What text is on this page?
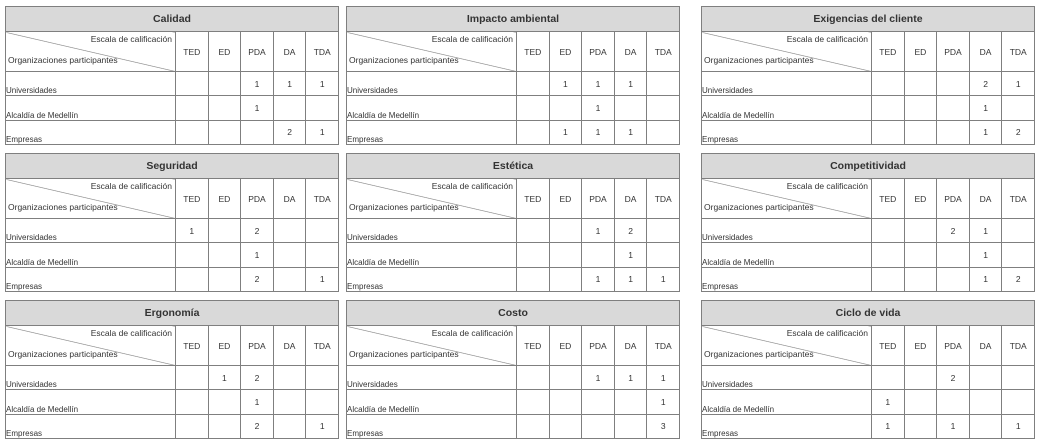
Calidad					

Escala de calificación
Organizaciones participantes	TED	ED	PDA	DA	TDA
Universidades			1	1	1
Alcaldía de Medellín			1		
Empresas				2	1
Impacto ambiental					

Escala de calificación
Organizaciones participantes	TED	ED	PDA	DA	TDA
Universidades		1	1	1	
Alcaldía de Medellín			1		
Empresas		1	1	1	
Exigencias del cliente					

Escala de calificación
Organizaciones participantes	TED	ED	PDA	DA	TDA
Universidades				2	1
Alcaldía de Medellín				1	
Empresas				1	2
Seguridad					

Escala de calificación
Organizaciones participantes	TED	ED	PDA	DA	TDA
Universidades	1		2		
Alcaldía de Medellín			1		
Empresas			2		1
Estética					

Escala de calificación
Organizaciones participantes	TED	ED	PDA	DA	TDA
Universidades			1	2	
Alcaldía de Medellín				1	
Empresas			1	1	1
Competitividad					

Escala de calificación
Organizaciones participantes	TED	ED	PDA	DA	TDA
Universidades			2	1	
Alcaldía de Medellín				1	
Empresas				1	2
Ergonomía					

Escala de calificación
Organizaciones participantes	TED	ED	PDA	DA	TDA
Universidades		1	2		
Alcaldía de Medellín			1		
Empresas			2		1
Costo					

Escala de calificación
Organizaciones participantes	TED	ED	PDA	DA	TDA
Universidades			1	1	1
Alcaldía de Medellín					1
Empresas					3
Ciclo de vida					

Escala de calificación
Organizaciones participantes	TED	ED	PDA	DA	TDA
Universidades			2		
Alcaldía de Medellín	1				
Empresas	1		1		1
